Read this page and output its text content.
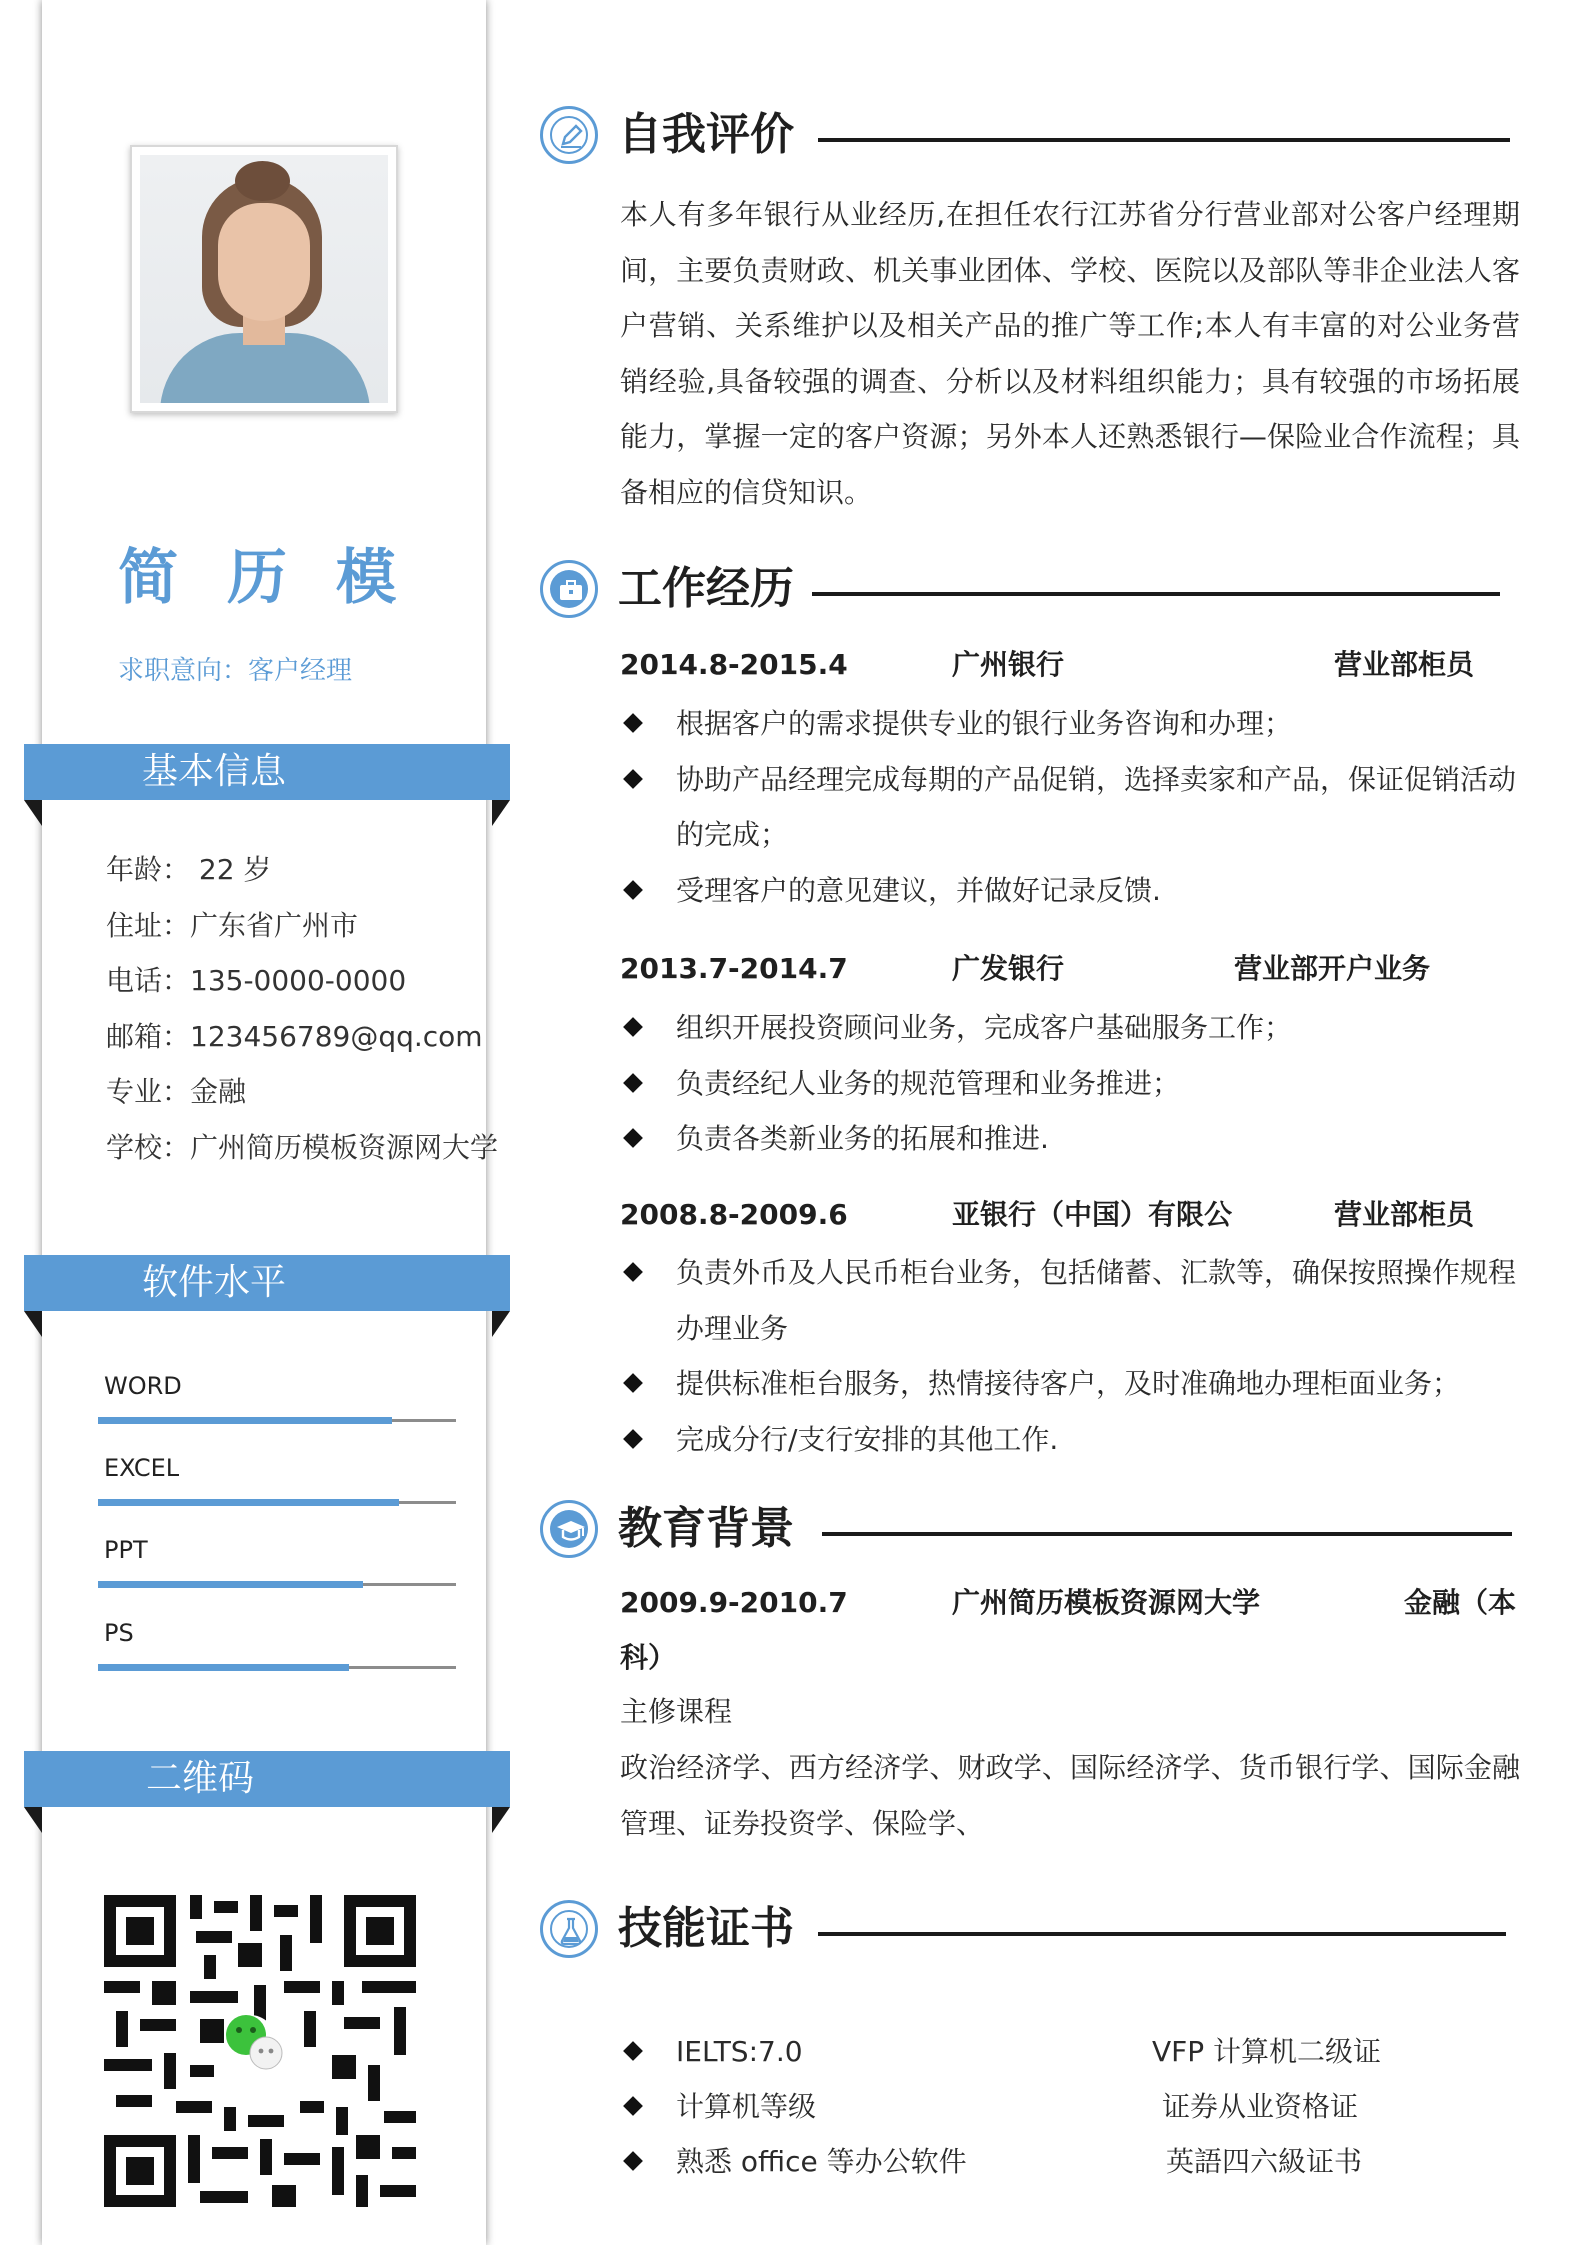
简 历 模
求职意向：客户经理
基本信息
年龄： 22 岁
住址：广东省广州市
电话：135-0000-0000
邮箱：123456789@qq.com
专业：金融
学校：广州简历模板资源网大学
软件水平
WORD
EXCEL
PPT
PS
二维码
自我评价
本人有多年银行从业经历,在担任农行江苏省分行营业部对公客户经理期间，主要负责财政、机关事业团体、学校、医院以及部队等非企业法人客户营销、关系维护以及相关产品的推广等工作;本人有丰富的对公业务营销经验,具备较强的调查、分析以及材料组织能力；具有较强的市场拓展能力，掌握一定的客户资源；另外本人还熟悉银行—保险业合作流程；具备相应的信贷知识。
工作经历
2014.8-2015.4	广州银行	营业部柜员
根据客户的需求提供专业的银行业务咨询和办理；
协助产品经理完成每期的产品促销，选择卖家和产品，保证促销活动的完成；
受理客户的意见建议，并做好记录反馈.
2013.7-2014.7	广发银行	营业部开户业务
组织开展投资顾问业务，完成客户基础服务工作；
负责经纪人业务的规范管理和业务推进；
负责各类新业务的拓展和推进.
2008.8-2009.6	亚银行（中国）有限公	营业部柜员
负责外币及人民币柜台业务，包括储蓄、汇款等，确保按照操作规程办理业务
提供标准柜台服务，热情接待客户，及时准确地办理柜面业务；
完成分行/支行安排的其他工作.
教育背景
2009.9-2010.7	广州简历模板资源网大学	金融（本
科）
主修课程
政治经济学、西方经济学、财政学、国际经济学、货币银行学、国际金融管理、证券投资学、保险学、
技能证书
IELTS:7.0	VFP 计算机二级证
计算机等级	证券从业资格证
熟悉 office 等办公软件	英語四六級证书
